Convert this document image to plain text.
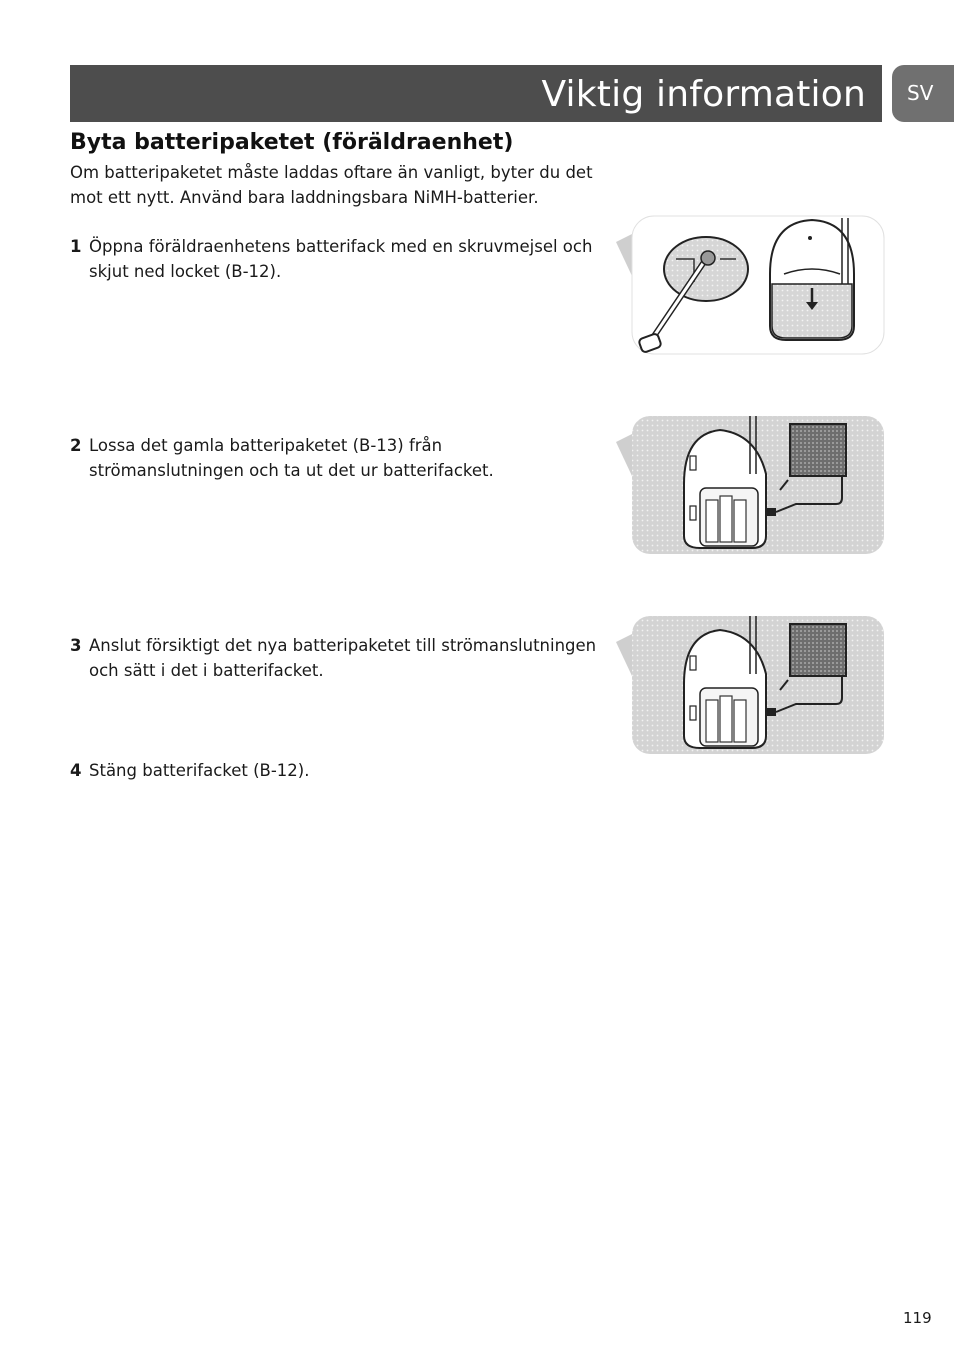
Viktig information SV
Byta batteripaketet (föräldraenhet)
Om batteripaketet måste laddas oftare än vanligt, byter du det mot ett nytt. Använd bara laddningsbara NiMH-batterier.
1 Öppna föräldraenhetens batterifack med en skruvmejsel och skjut ned locket (B-12).
2 Lossa det gamla batteripaketet (B-13) från strömanslutningen och ta ut det ur batterifacket.
3 Anslut försiktigt det nya batteripaketet till strömanslutningen och sätt i det i batterifacket.
4 Stäng batterifacket (B-12).
119
